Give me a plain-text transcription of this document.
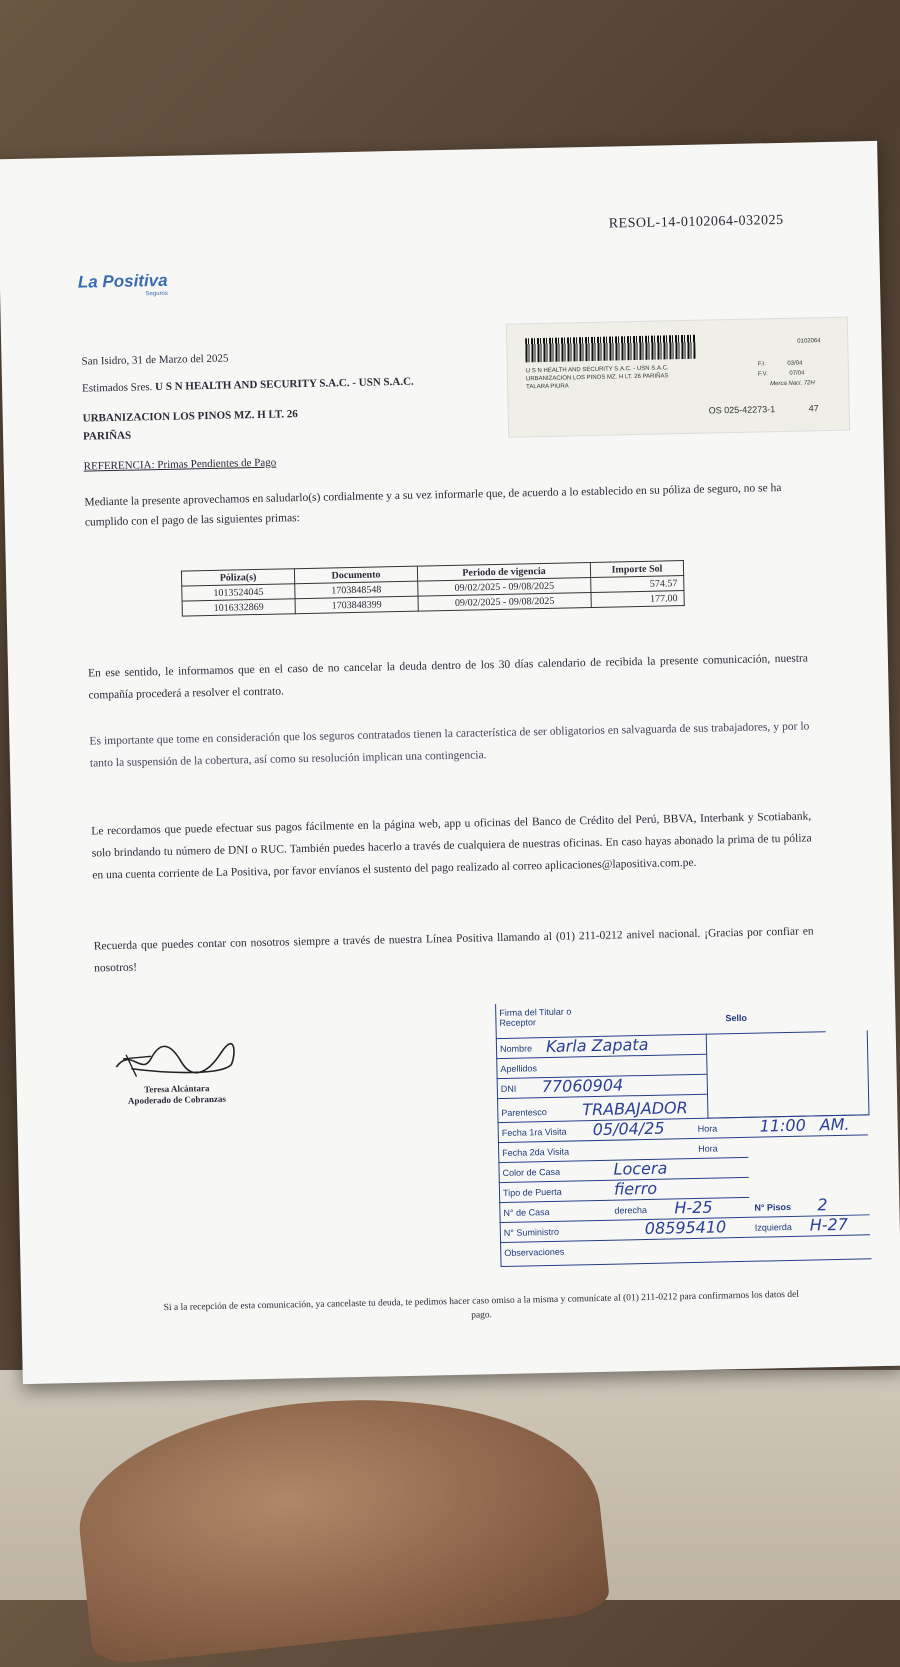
RESOL-14-0102064-032025
La Positiva
Seguros
San Isidro, 31 de Marzo del 2025
Estimados Sres. U S N HEALTH AND SECURITY S.A.C. - USN S.A.C.
URBANIZACION LOS PINOS MZ. H LT. 26
PARIÑAS
REFERENCIA: Primas Pendientes de Pago
0102064
U S N HEALTH AND SECURITY S.A.C. - USN S.A.C.
URBANIZACION LOS PINOS MZ. H LT. 26 PARIÑAS
TALARA PIURA
F.I.	03/04
F.V.	07/04
Merca Naci. 72H
OS 025-42273-1	47
Mediante la presente aprovechamos en saludarlo(s) cordialmente y a su vez informarle que, de acuerdo a lo establecido en su póliza de seguro, no se ha cumplido con el pago de las siguientes primas:
Póliza(s)	Documento	Periodo de vigencia	Importe Sol
1013524045	1703848548	09/02/2025 - 09/08/2025	574.57
1016332869	1703848399	09/02/2025 - 09/08/2025	177.00
En ese sentido, le informamos que en el caso de no cancelar la deuda dentro de los 30 días calendario de recibida la presente comunicación, nuestra compañía procederá a resolver el contrato.
Es importante que tome en consideración que los seguros contratados tienen la característica de ser obligatorios en salvaguarda de sus trabajadores, y por lo tanto la suspensión de la cobertura, así como su resolución implican una contingencia.
Le recordamos que puede efectuar sus pagos fácilmente en la página web, app u oficinas del Banco de Crédito del Perú, BBVA, Interbank y Scotiabank, solo brindando tu número de DNI o RUC. También puedes hacerlo a través de cualquiera de nuestras oficinas. En caso hayas abonado la prima de tu póliza en una cuenta corriente de La Positiva, por favor envíanos el sustento del pago realizado al correo aplicaciones@lapositiva.com.pe.
Recuerda que puedes contar con nosotros siempre a través de nuestra Línea Positiva llamando al (01) 211-0212 anivel nacional. ¡Gracias por confiar en nosotros!
Teresa Alcántara
Apoderado de Cobranzas
Firma del Titular o Receptor	Sello
Nombre Karla Zapata
Apellidos
DNI 77060904
Parentesco TRABAJADOR
Fecha 1ra Visita 05/04/25	Hora	11:00 AM.
Fecha 2da Visita	Hora
Color de Casa	Locera
Tipo de Puerta	fierro
N° de Casa	derecha H-25	N° Pisos 2
N° Suministro	08595410	Izquierda H-27
Observaciones
Si a la recepción de esta comunicación, ya cancelaste tu deuda, te pedimos hacer caso omiso a la misma y comunícate al (01) 211-0212 para confirmarnos los datos del pago.
